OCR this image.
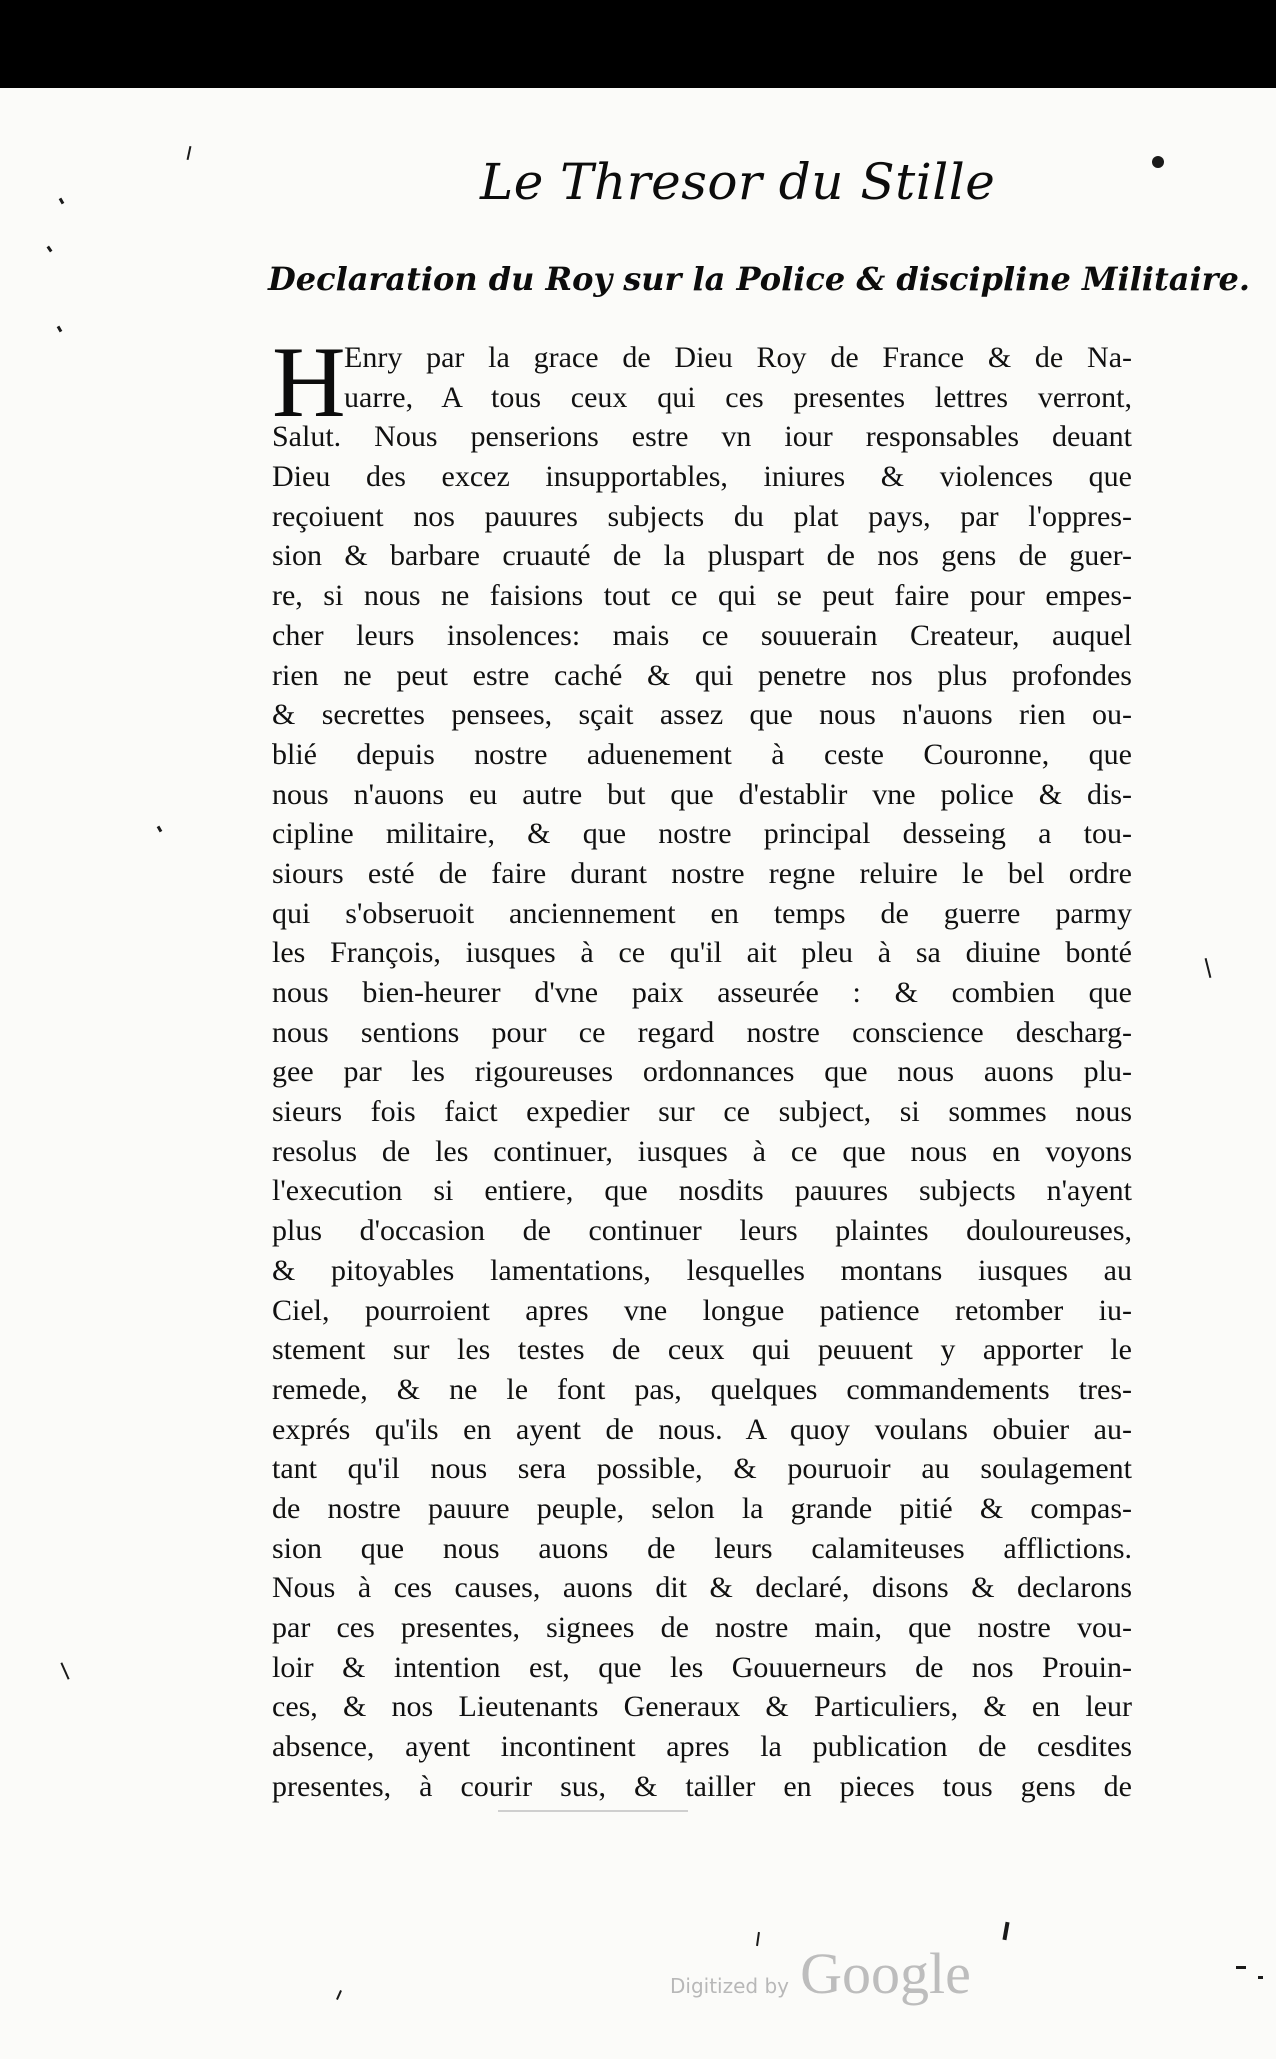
Le Thresor du Stille
Declaration du Roy sur la Police & discipline Militaire.
H
Enry par la grace de Dieu Roy de France & de Na-
uarre, A tous ceux qui ces presentes lettres verront,
Salut. Nous penserions estre vn iour responsables deuant
Dieu des excez insupportables, iniures & violences que
reçoiuent nos pauures subjects du plat pays, par l'oppres-
sion & barbare cruauté de la pluspart de nos gens de guer-
re, si nous ne faisions tout ce qui se peut faire pour empes-
cher leurs insolences: mais ce souuerain Createur, auquel
rien ne peut estre caché & qui penetre nos plus profondes
& secrettes pensees, sçait assez que nous n'auons rien ou-
blié depuis nostre aduenement à ceste Couronne, que
nous n'auons eu autre but que d'establir vne police & dis-
cipline militaire, & que nostre principal desseing a tou-
siours esté de faire durant nostre regne reluire le bel ordre
qui s'obseruoit anciennement en temps de guerre parmy
les François, iusques à ce qu'il ait pleu à sa diuine bonté
nous bien-heurer d'vne paix asseurée : & combien que
nous sentions pour ce regard nostre conscience descharg-
gee par les rigoureuses ordonnances que nous auons plu-
sieurs fois faict expedier sur ce subject, si sommes nous
resolus de les continuer, iusques à ce que nous en voyons
l'execution si entiere, que nosdits pauures subjects n'ayent
plus d'occasion de continuer leurs plaintes douloureuses,
& pitoyables lamentations, lesquelles montans iusques au
Ciel, pourroient apres vne longue patience retomber iu-
stement sur les testes de ceux qui peuuent y apporter le
remede, & ne le font pas, quelques commandements tres-
exprés qu'ils en ayent de nous. A quoy voulans obuier au-
tant qu'il nous sera possible, & pouruoir au soulagement
de nostre pauure peuple, selon la grande pitié & compas-
sion que nous auons de leurs calamiteuses afflictions.
Nous à ces causes, auons dit & declaré, disons & declarons
par ces presentes, signees de nostre main, que nostre vou-
loir & intention est, que les Gouuerneurs de nos Prouin-
ces, & nos Lieutenants Generaux & Particuliers, & en leur
absence, ayent incontinent apres la publication de cesdites
presentes, à courir sus, & tailler en pieces tous gens de
Digitized by Google
